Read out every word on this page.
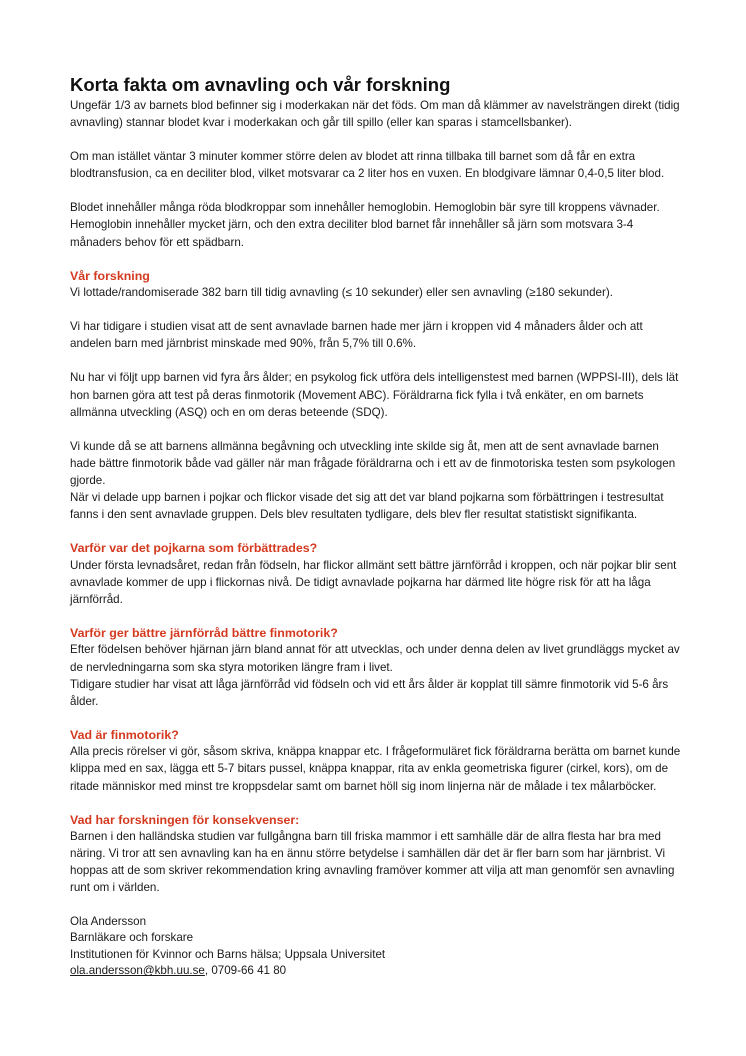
Korta fakta om avnavling och vår forskning

Ungefär 1/3 av barnets blod befinner sig i moderkakan när det föds. Om man då klämmer av navelsträngen direkt (tidig avnavling) stannar blodet kvar i moderkakan och går till spillo (eller kan sparas i stamcellsbanker).

Om man istället väntar 3 minuter kommer större delen av blodet att rinna tillbaka till barnet som då får en extra blodtransfusion, ca en deciliter blod, vilket motsvarar ca 2 liter hos en vuxen. En blodgivare lämnar 0,4-0,5 liter blod.

Blodet innehåller många röda blodkroppar som innehåller hemoglobin. Hemoglobin bär syre till kroppens vävnader. Hemoglobin innehåller mycket järn, och den extra deciliter blod barnet får innehåller så järn som motsvara 3-4 månaders behov för ett spädbarn.

Vår forskning

Vi lottade/randomiserade 382 barn till tidig avnavling (≤ 10 sekunder) eller sen avnavling (≥180 sekunder).

Vi har tidigare i studien visat att de sent avnavlade barnen hade mer järn i kroppen vid 4 månaders ålder och att andelen barn med järnbrist minskade med 90%, från 5,7% till 0.6%.

Nu har vi följt upp barnen vid fyra års ålder; en psykolog fick utföra dels intelligenstest med barnen (WPPSI-III), dels lät hon barnen göra att test på deras finmotorik (Movement ABC). Föräldrarna fick fylla i två enkäter, en om barnets allmänna utveckling (ASQ) och en om deras beteende (SDQ).

Vi kunde då se att barnens allmänna begåvning och utveckling inte skilde sig åt, men att de sent avnavlade barnen hade bättre finmotorik både vad gäller när man frågade föräldrarna och i ett av de finmotoriska testen som psykologen gjorde.

När vi delade upp barnen i pojkar och flickor visade det sig att det var bland pojkarna som förbättringen i testresultat fanns i den sent avnavlade gruppen. Dels blev resultaten tydligare, dels blev fler resultat statistiskt signifikanta.

Varför var det pojkarna som förbättrades?

Under första levnadsåret, redan från födseln, har flickor allmänt sett bättre järnförråd i kroppen, och när pojkar blir sent avnavlade kommer de upp i flickornas nivå. De tidigt avnavlade pojkarna har därmed lite högre risk för att ha låga järnförråd.

Varför ger bättre järnförråd bättre finmotorik?

Efter födelsen behöver hjärnan järn bland annat för att utvecklas, och under denna delen av livet grundläggs mycket av de nervledningarna som ska styra motoriken längre fram i livet.

Tidigare studier har visat att låga järnförråd vid födseln och vid ett års ålder är kopplat till sämre finmotorik vid 5-6 års ålder.

Vad är finmotorik?

Alla precis rörelser vi gör, såsom skriva, knäppa knappar etc. I frågeformuläret fick föräldrarna berätta om barnet kunde klippa med en sax, lägga ett 5-7 bitars pussel, knäppa knappar, rita av enkla geometriska figurer (cirkel, kors), om de ritade människor med minst tre kroppsdelar samt om barnet höll sig inom linjerna när de målade i tex målarböcker.

Vad har forskningen för konsekvenser:

Barnen i den halländska studien var fullgångna barn till friska mammor i ett samhälle där de allra flesta har bra med näring. Vi tror att sen avnavling kan ha en ännu större betydelse i samhällen där det är fler barn som har järnbrist. Vi hoppas att de som skriver rekommendation kring avnavling framöver kommer att vilja att man genomför sen avnavling runt om i världen.

Ola Andersson

Barnläkare och forskare

Institutionen för Kvinnor och Barns hälsa; Uppsala Universitet

ola.andersson@kbh.uu.se, 0709-66 41 80
